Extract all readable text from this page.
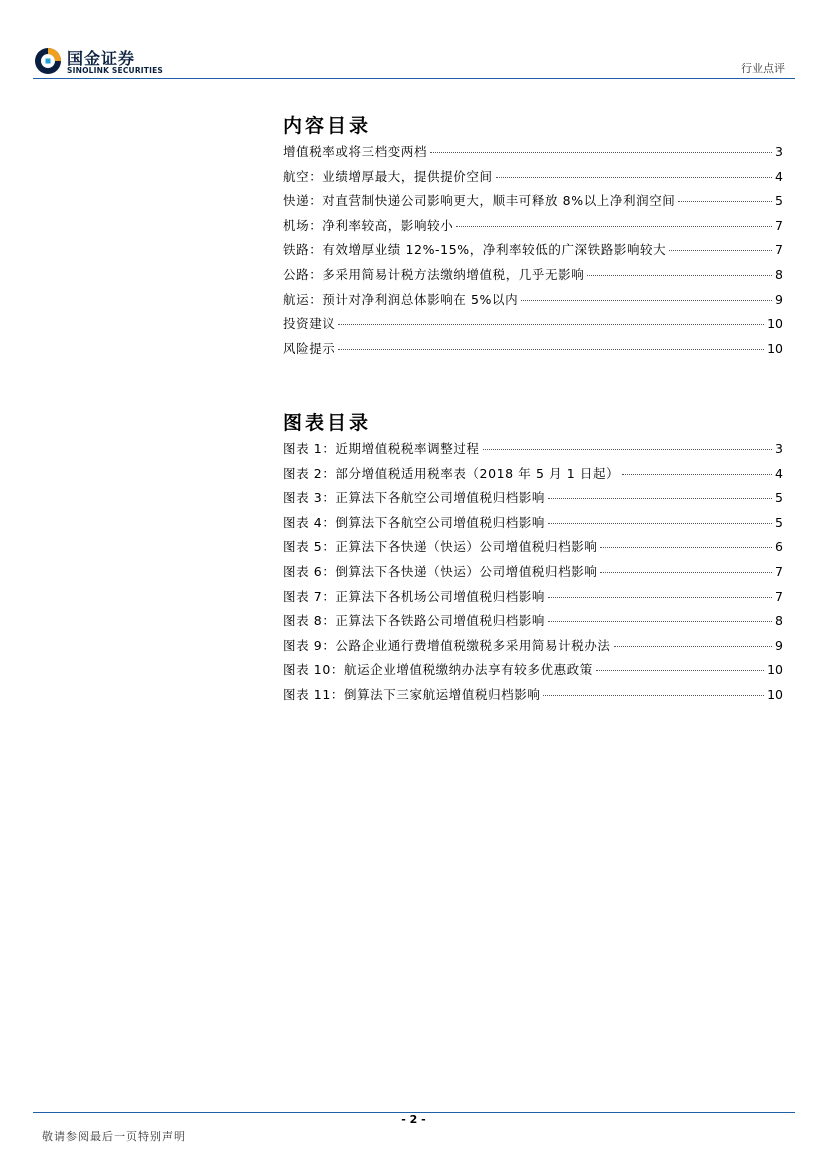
国金证券
SINOLINK SECURITIES	行业点评
内容目录
增值税率或将三档变两档	3
航空：业绩增厚最大，提供提价空间	4
快递：对直营制快递公司影响更大，顺丰可释放 8%以上净利润空间	5
机场：净利率较高，影响较小	7
铁路：有效增厚业绩 12%-15%，净利率较低的广深铁路影响较大	7
公路：多采用简易计税方法缴纳增值税，几乎无影响	8
航运：预计对净利润总体影响在 5%以内	9
投资建议	10
风险提示	10
图表目录
图表 1：近期增值税税率调整过程	3
图表 2：部分增值税适用税率表（2018 年 5 月 1 日起）	4
图表 3：正算法下各航空公司增值税归档影响	5
图表 4：倒算法下各航空公司增值税归档影响	5
图表 5：正算法下各快递（快运）公司增值税归档影响	6
图表 6：倒算法下各快递（快运）公司增值税归档影响	7
图表 7：正算法下各机场公司增值税归档影响	7
图表 8：正算法下各铁路公司增值税归档影响	8
图表 9：公路企业通行费增值税缴税多采用简易计税办法	9
图表 10：航运企业增值税缴纳办法享有较多优惠政策	10
图表 11：倒算法下三家航运增值税归档影响	10
- 2 -
敬请参阅最后一页特别声明
